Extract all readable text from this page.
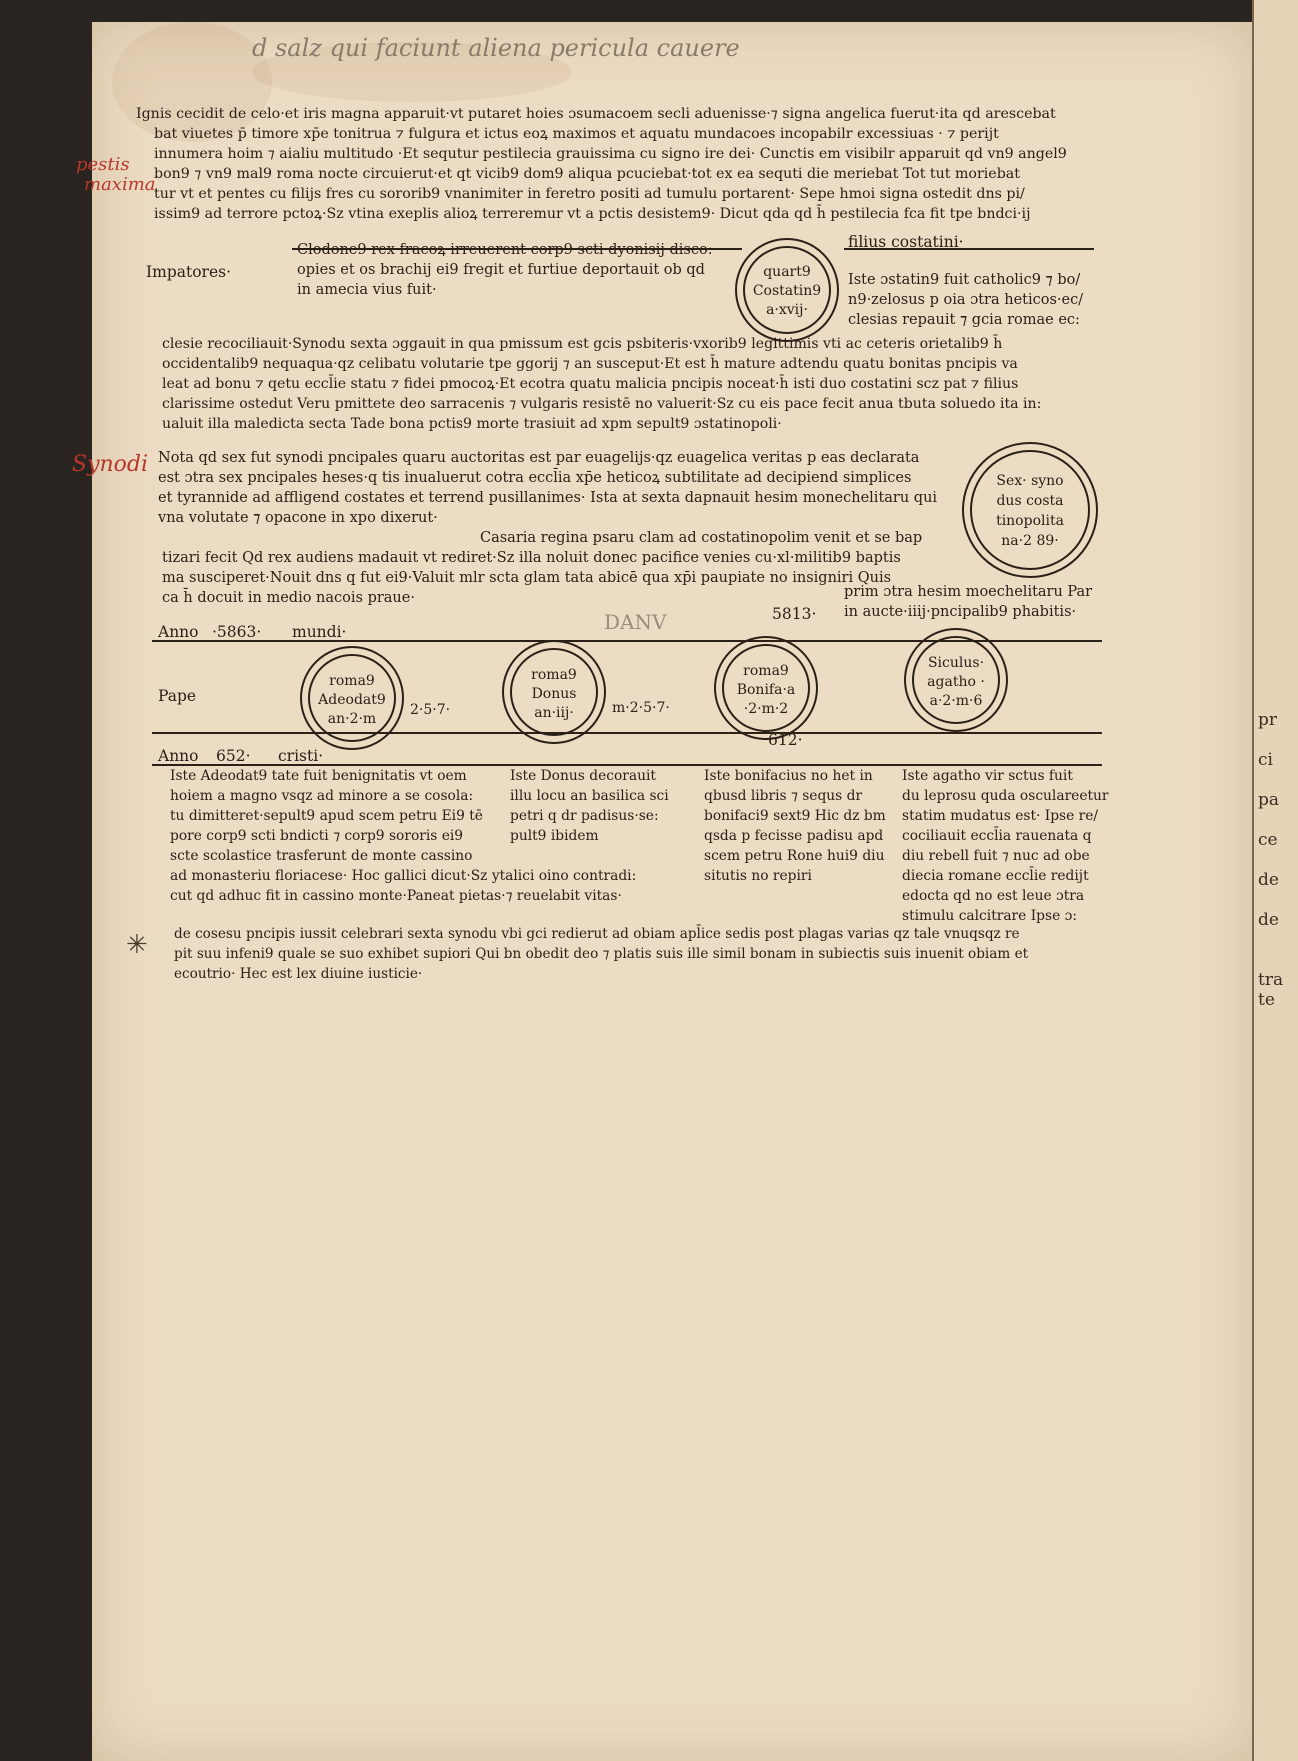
d salz qui faciunt aliena pericula cauere
pestis
maxima
Synodi
Ignis cecidit de celo·et iris magna apparuit·vt putaret hoies ɔsumacoem secli aduenisse·⁊ signa angelica fuerut·ita qd arescebat
bat viuetes p̄ timore xp̄e tonitrua ⁊ fulgura et ictus eoꝝ maximos et aquatu mundacoes incopabilr excessiuas · ⁊ perijt
innumera hoim ⁊ aialiu multitudo ·Et sequtur pestilecia grauissima cu signo ire dei· Cunctis em visibilr apparuit qd vn9 angel9
bon9 ⁊ vn9 mal9 roma nocte circuierut·et qt vicib9 dom9 aliqua pcuciebat·tot ex ea sequti die meriebat Tot tut moriebat
tur vt et pentes cu filijs fres cu sororib9 vnanimiter in feretro positi ad tumulu portarent· Sepe hmoi signa ostedit dns pi/
issim9 ad terrore pctoꝝ·Sz vtina exeplis alioꝝ terreremur vt a pctis desistem9· Dicut qda qd h̄ pestilecia fca fit tpe bndci·ij
Impatores·
Clodone9 rex fracoꝝ irreuerent corp9 scti dyonisij disco:
opies et os brachij ei9 fregit et furtiue deportauit ob qd
in amecia vius fuit·
quart9
Costatin9
a·xvij·
filius costatini·
Iste ɔstatin9 fuit catholic9 ⁊ bo/
n9·zelosus p oia ɔtra heticos·ec/
clesias repauit ⁊ gcia romae ec:
clesie recociliauit·Synodu sexta ɔggauit in qua pmissum est gcis psbiteris·vxorib9 legittimis vti ac ceteris orietalib9 h̄
occidentalib9 nequaqua·qz celibatu volutarie tpe ggorij ⁊ an susceput·Et est h̄ mature adtendu quatu bonitas pncipis va
leat ad bonu ⁊ qetu eccl̄ie statu ⁊ fidei pmocoꝝ·Et ecotra quatu malicia pncipis noceat·h̄ isti duo costatini scz pat ⁊ filius
clarissime ostedut Veru pmittete deo sarracenis ⁊ vulgaris resistē no valuerit·Sz cu eis pace fecit anua tbuta soluedo ita in:
ualuit illa maledicta secta Tade bona pctis9 morte trasiuit ad xpm sepult9 ɔstatinopoli·
Nota qd sex fut synodi pncipales quaru auctoritas est par euagelijs·qz euagelica veritas p eas declarata
est ɔtra sex pncipales heses·q tis inualuerut cotra eccl̄ia xp̄e heticoꝝ subtilitate ad decipiend simplices
et tyrannide ad affligend costates et terrend pusillanimes· Ista at sexta dapnauit hesim monechelitaru qui
vna volutate ⁊ opacone in xpo dixerut·
Sex· syno
dus costa
tinopolita
na·2 89·
Casaria regina psaru clam ad costatinopolim venit et se bap
tizari fecit Qd rex audiens madauit vt rediret·Sz illa noluit donec pacifice venies cu·xl·militib9 baptis
ma susciperet·Nouit dns q fut ei9·Valuit mlr scta glam tata abicē qua xp̄i paupiate no insigniri Quis
ca h̄ docuit in medio nacois praue·	prim ɔtra hesim moechelitaru Par
in aucte·iiij·pncipalib9 phabitis·
Anno ·5863· mundi·
5813·
DANV
Pape
roma9
Adeodat9
an·2·m
2·5·7·
roma9
Donus
an·iij·	m·2·5·7·
roma9
Bonifa·a
·2·m·2
Siculus·
agatho ·
a·2·m·6
Anno 652· cristi·
612·
Iste Adeodat9 tate fuit benignitatis vt oem
hoiem a magno vsqz ad minore a se cosola:
tu dimitteret·sepult9 apud scem petru Ei9 tē
pore corp9 scti bndicti ⁊ corp9 sororis ei9
scte scolastice trasferunt de monte cassino
ad monasteriu floriacese· Hoc gallici dicut·Sz ytalici oino contradi:
cut qd adhuc fit in cassino monte·Paneat pietas·⁊ reuelabit vitas·
Iste Donus decorauit
illu locu an basilica sci
petri q dr padisus·se:
pult9 ibidem
Iste bonifacius no het in
qbusd libris ⁊ sequs dr
bonifaci9 sext9 Hic dz bm
qsda p fecisse padisu apd
scem petru Rone hui9 diu
situtis no repiri
Iste agatho vir sctus fuit
du leprosu quda osculareetur
statim mudatus est· Ipse re/
cociliauit eccl̄ia rauenata q
diu rebell fuit ⁊ nuc ad obe
diecia romane eccl̄ie redijt
edocta qd no est leue ɔtra
stimulu calcitrare Ipse ɔ:
de cosesu pncipis iussit celebrari sexta synodu vbi gci redierut ad obiam apl̄ice sedis post plagas varias qz tale vnuqsqz re
pit suu infeni9 quale se suo exhibet supiori Qui bn obedit deo ⁊ platis suis ille simil bonam in subiectis suis inuenit obiam et
ecoutrio· Hec est lex diuine iusticie·
✳
pr
ci
pa
ce
de
de
tra
te
